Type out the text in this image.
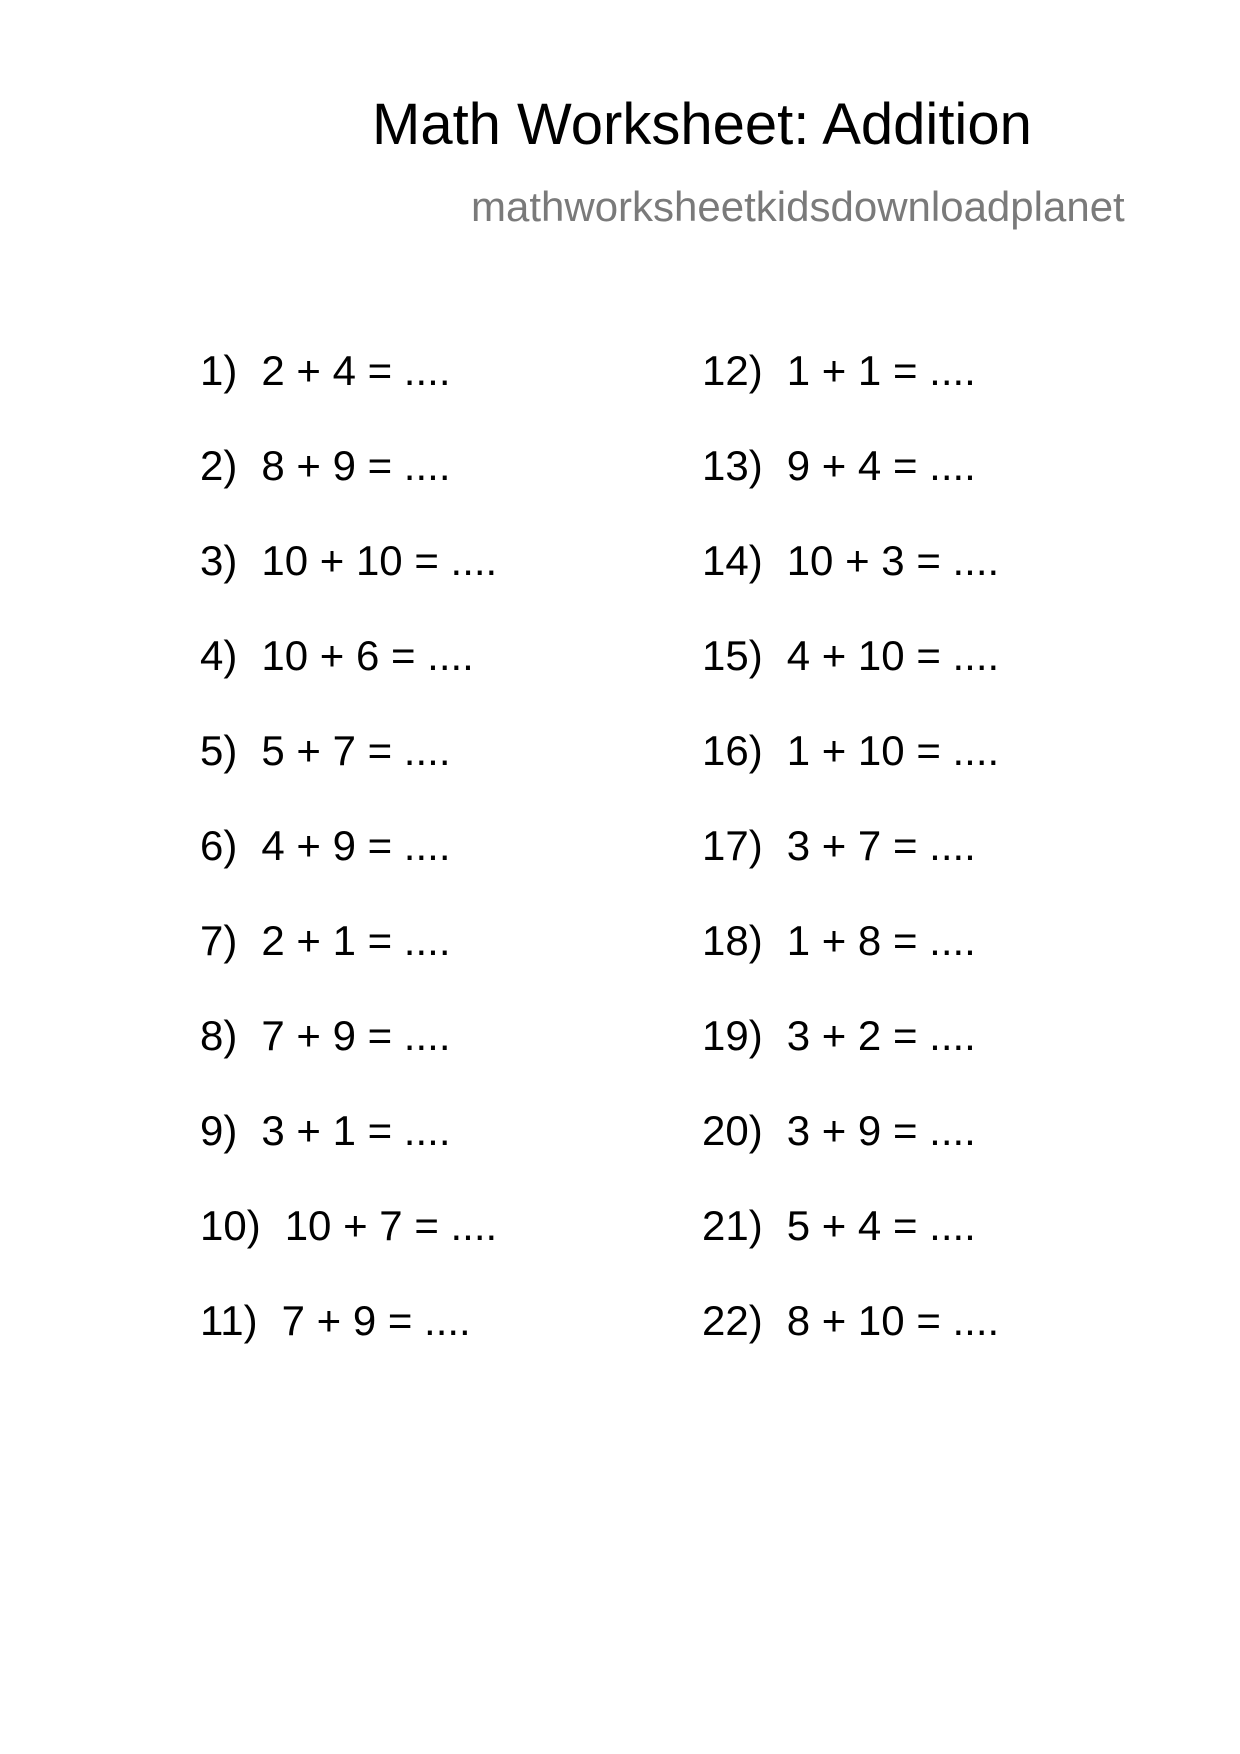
Math Worksheet: Addition
mathworksheetkidsdownloadplanet
1) 2 + 4 = ....
2) 8 + 9 = ....
3) 10 + 10 = ....
4) 10 + 6 = ....
5) 5 + 7 = ....
6) 4 + 9 = ....
7) 2 + 1 = ....
8) 7 + 9 = ....
9) 3 + 1 = ....
10) 10 + 7 = ....
11) 7 + 9 = ....
12) 1 + 1 = ....
13) 9 + 4 = ....
14) 10 + 3 = ....
15) 4 + 10 = ....
16) 1 + 10 = ....
17) 3 + 7 = ....
18) 1 + 8 = ....
19) 3 + 2 = ....
20) 3 + 9 = ....
21) 5 + 4 = ....
22) 8 + 10 = ....
